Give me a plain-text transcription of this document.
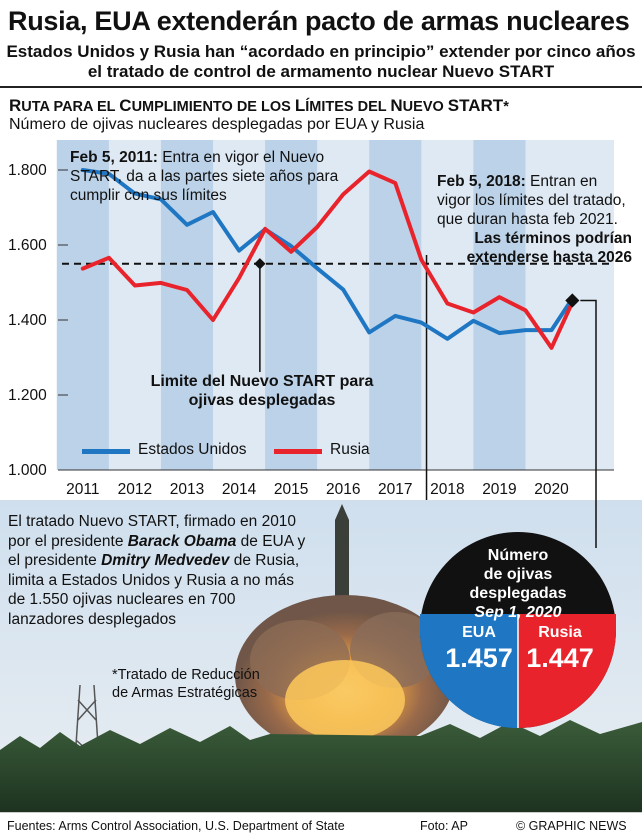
Rusia, EUA extenderán pacto de armas nucleares
Estados Unidos y Rusia han “acordado en principio” extender por cinco años el tratado de control de armamento nuclear Nuevo START
RUTA PARA EL CUMPLIMIENTO DE LOS LÍMITES DEL NUEVO START*
Número de ojivas nucleares desplegadas por EUA y Rusia
1.000
1.200
1.400
1.600
1.800
2011 2012 2013 2014 2015 2016 2017 2018 2019 2020
Feb 5, 2011: Entra en vigor el Nuevo START, da a las partes siete años para cumplir con sus límites
Feb 5, 2018: Entran en vigor los límites del tratado, que duran hasta feb 2021.
Las términos podrían extenderse hasta 2026
Limite del Nuevo START para
ojivas desplegadas
Estados Unidos	Rusia
El tratado Nuevo START, firmado en 2010 por el presidente Barack Obama de EUA y el presidente Dmitry Medvedev de Rusia, limita a Estados Unidos y Rusia a no más de 1.550 ojivas nucleares en 700 lanzadores desplegados
*Tratado de Reducción de Armas Estratégicas
Número
de ojivas
desplegadas
Sep 1, 2020
EUA
1.457
Rusia
1.447
Fuentes: Arms Control Association, U.S. Department of State	Foto: AP	© GRAPHIC NEWS
